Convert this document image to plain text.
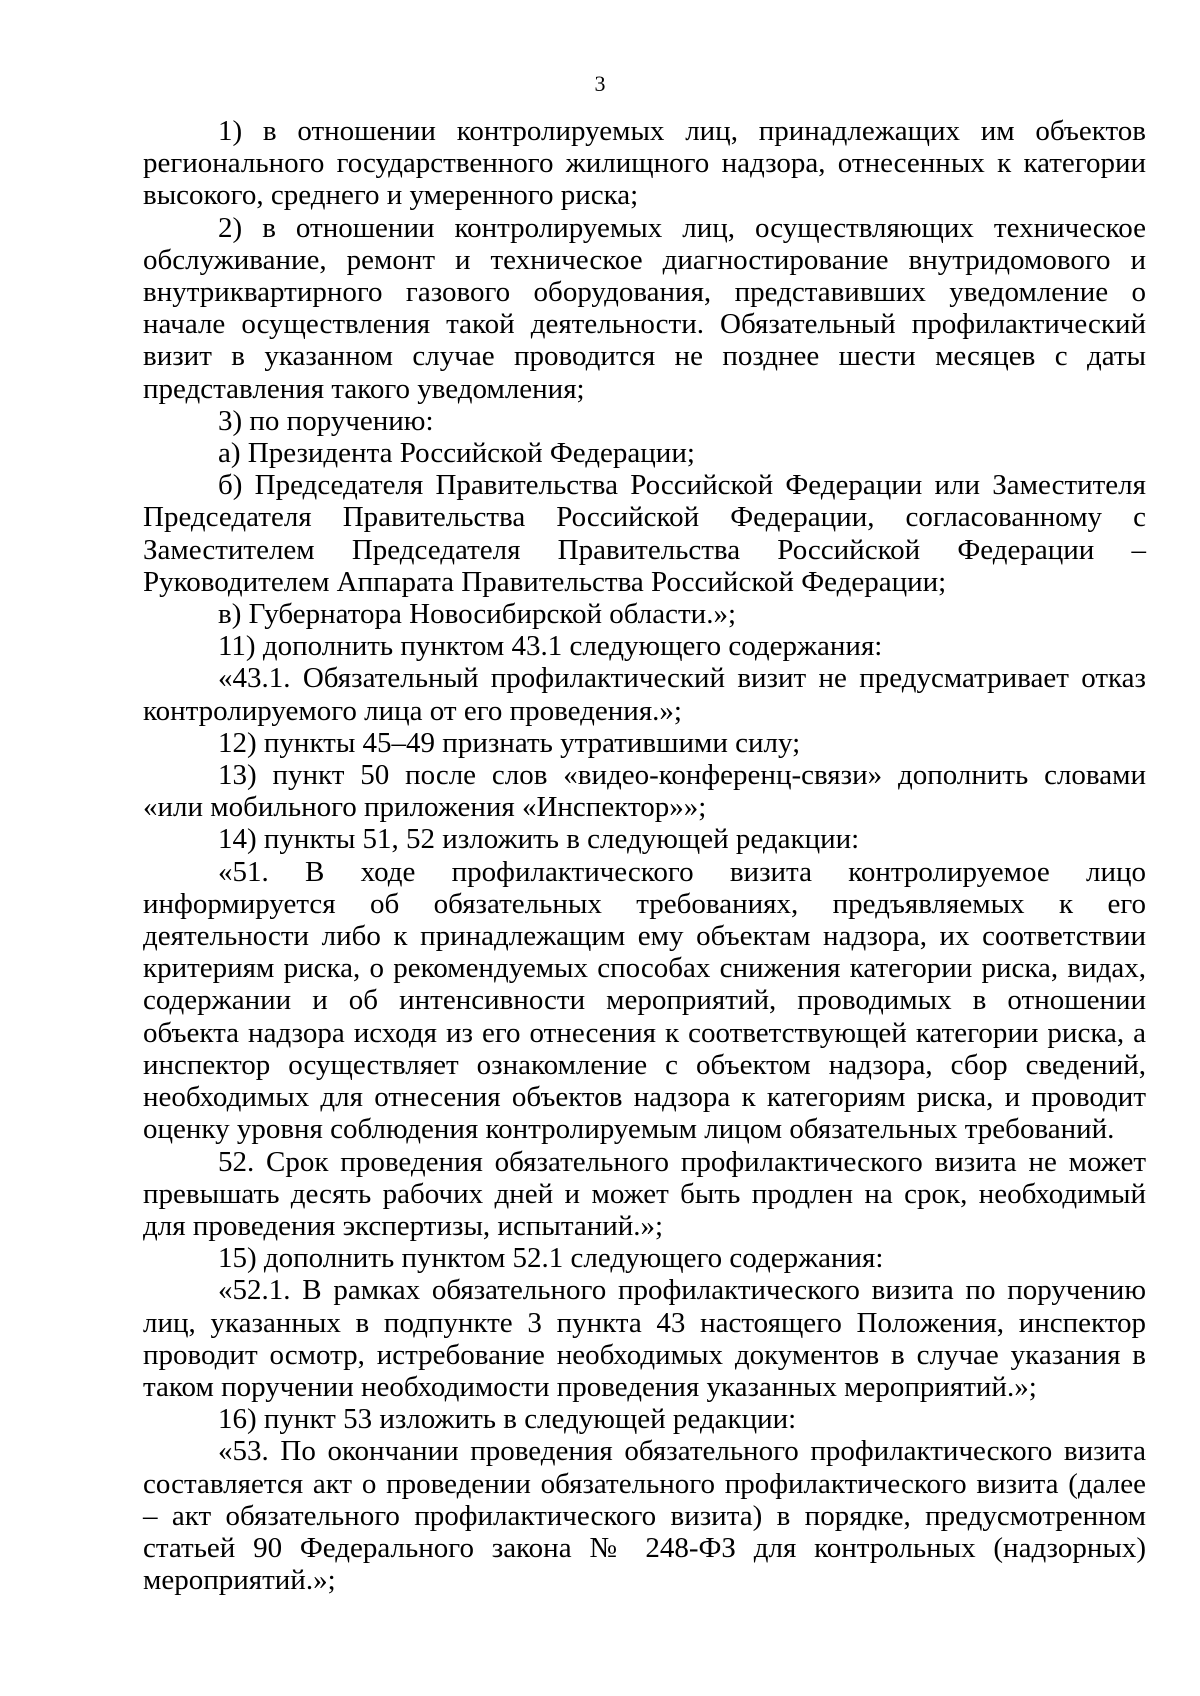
3

1) в отношении контролируемых лиц, принадлежащих им объектов регионального государственного жилищного надзора, отнесенных к категории высокого, среднего и умеренного риска;

2) в отношении контролируемых лиц, осуществляющих техническое обслуживание, ремонт и техническое диагностирование внутридомового и внутриквартирного газового оборудования, представивших уведомление о начале осуществления такой деятельности. Обязательный профилактический визит в указанном случае проводится не позднее шести месяцев с даты представления такого уведомления;

3) по поручению:

а) Президента Российской Федерации;

б) Председателя Правительства Российской Федерации или Заместителя Председателя Правительства Российской Федерации, согласованному с Заместителем Председателя Правительства Российской Федерации – Руководителем Аппарата Правительства Российской Федерации;

в) Губернатора Новосибирской области.»;

11) дополнить пунктом 43.1 следующего содержания:

«43.1. Обязательный профилактический визит не предусматривает отказ контролируемого лица от его проведения.»;

12) пункты 45–49 признать утратившими силу;

13) пункт 50 после слов «видео-конференц-связи» дополнить словами «или мобильного приложения «Инспектор»»;

14) пункты 51, 52 изложить в следующей редакции:

«51. В ходе профилактического визита контролируемое лицо информируется об обязательных требованиях, предъявляемых к его деятельности либо к принадлежащим ему объектам надзора, их соответствии критериям риска, о рекомендуемых способах снижения категории риска, видах, содержании и об интенсивности мероприятий, проводимых в отношении объекта надзора исходя из его отнесения к соответствующей категории риска, а инспектор осуществляет ознакомление с объектом надзора, сбор сведений, необходимых для отнесения объектов надзора к категориям риска, и проводит оценку уровня соблюдения контролируемым лицом обязательных требований.

52. Срок проведения обязательного профилактического визита не может превышать десять рабочих дней и может быть продлен на срок, необходимый для проведения экспертизы, испытаний.»;

15) дополнить пунктом 52.1 следующего содержания:

«52.1. В рамках обязательного профилактического визита по поручению лиц, указанных в подпункте 3 пункта 43 настоящего Положения, инспектор проводит осмотр, истребование необходимых документов в случае указания в таком поручении необходимости проведения указанных мероприятий.»;

16) пункт 53 изложить в следующей редакции:

«53. По окончании проведения обязательного профилактического визита составляется акт о проведении обязательного профилактического визита (далее – акт обязательного профилактического визита) в порядке, предусмотренном статьей 90 Федерального закона № 248-ФЗ для контрольных (надзорных) мероприятий.»;
